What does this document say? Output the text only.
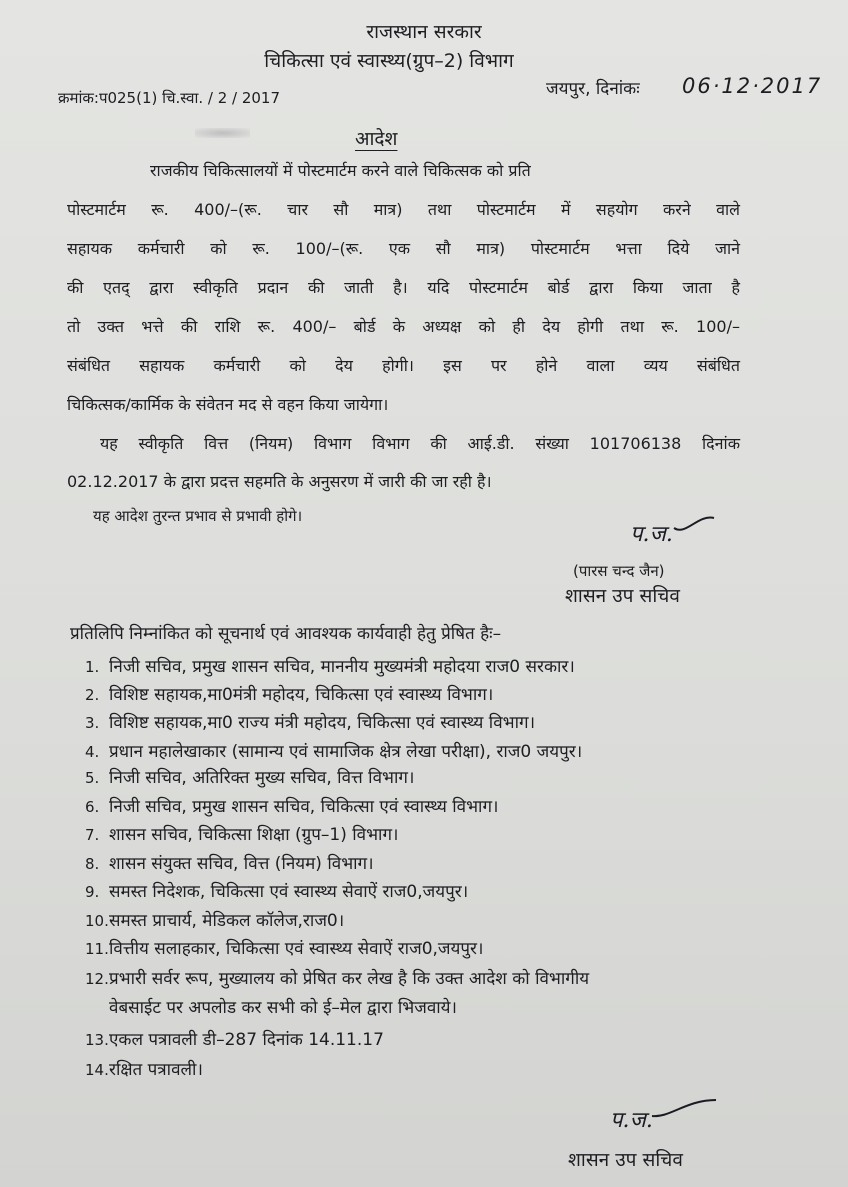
राजस्थान सरकार
चिकित्सा एवं स्वास्थ्य(ग्रुप–2) विभाग
क्रमांक:प025(1) चि.स्वा. / 2 / 2017	जयपुर, दिनांकः 06·12·2017
आदेश
राजकीय चिकित्सालयों में पोस्टमार्टम करने वाले चिकित्सक को प्रति
पोस्टमार्टम रू. 400/–(रू. चार सौ मात्र) तथा पोस्टमार्टम में सहयोग करने वाले
सहायक कर्मचारी को रू. 100/–(रू. एक सौ मात्र) पोस्टमार्टम भत्ता दिये जाने
की एतद् द्वारा स्वीकृति प्रदान की जाती है। यदि पोस्टमार्टम बोर्ड द्वारा किया जाता है
तो उक्त भत्ते की राशि रू. 400/– बोर्ड के अध्यक्ष को ही देय होगी तथा रू. 100/–
संबंधित सहायक कर्मचारी को देय होगी। इस पर होने वाला व्यय संबंधित
चिकित्सक/कार्मिक के संवेतन मद से वहन किया जायेगा।
यह स्वीकृति वित्त (नियम) विभाग विभाग की आई.डी. संख्या 101706138 दिनांक
02.12.2017 के द्वारा प्रदत्त सहमति के अनुसरण में जारी की जा रही है।
यह आदेश तुरन्त प्रभाव से प्रभावी होगे।
प.ज.
(पारस चन्द जैन)
शासन उप सचिव
प्रतिलिपि निम्नांकित को सूचनार्थ एवं आवश्यक कार्यवाही हेतु प्रेषित हैः–
1. निजी सचिव, प्रमुख शासन सचिव, माननीय मुख्यमंत्री महोदया राज0 सरकार।
2. विशिष्ट सहायक,मा0मंत्री महोदय, चिकित्सा एवं स्वास्थ्य विभाग।
3. विशिष्ट सहायक,मा0 राज्य मंत्री महोदय, चिकित्सा एवं स्वास्थ्य विभाग।
4. प्रधान महालेखाकार (सामान्य एवं सामाजिक क्षेत्र लेखा परीक्षा), राज0 जयपुर।
5. निजी सचिव, अतिरिक्त मुख्य सचिव, वित्त विभाग।
6. निजी सचिव, प्रमुख शासन सचिव, चिकित्सा एवं स्वास्थ्य विभाग।
7. शासन सचिव, चिकित्सा शिक्षा (ग्रुप–1) विभाग।
8. शासन संयुक्त सचिव, वित्त (नियम) विभाग।
9. समस्त निदेशक, चिकित्सा एवं स्वास्थ्य सेवाऐं राज0,जयपुर।
10.समस्त प्राचार्य, मेडिकल कॉलेज,राज0।
11.वित्तीय सलाहकार, चिकित्सा एवं स्वास्थ्य सेवाऐं राज0,जयपुर।
12.प्रभारी सर्वर रूप, मुख्यालय को प्रेषित कर लेख है कि उक्त आदेश को विभागीय
वेबसाईट पर अपलोड कर सभी को ई–मेल द्वारा भिजवाये।
13.एकल पत्रावली डी–287 दिनांक 14.11.17
14.रक्षित पत्रावली।
प.ज.
शासन उप सचिव
